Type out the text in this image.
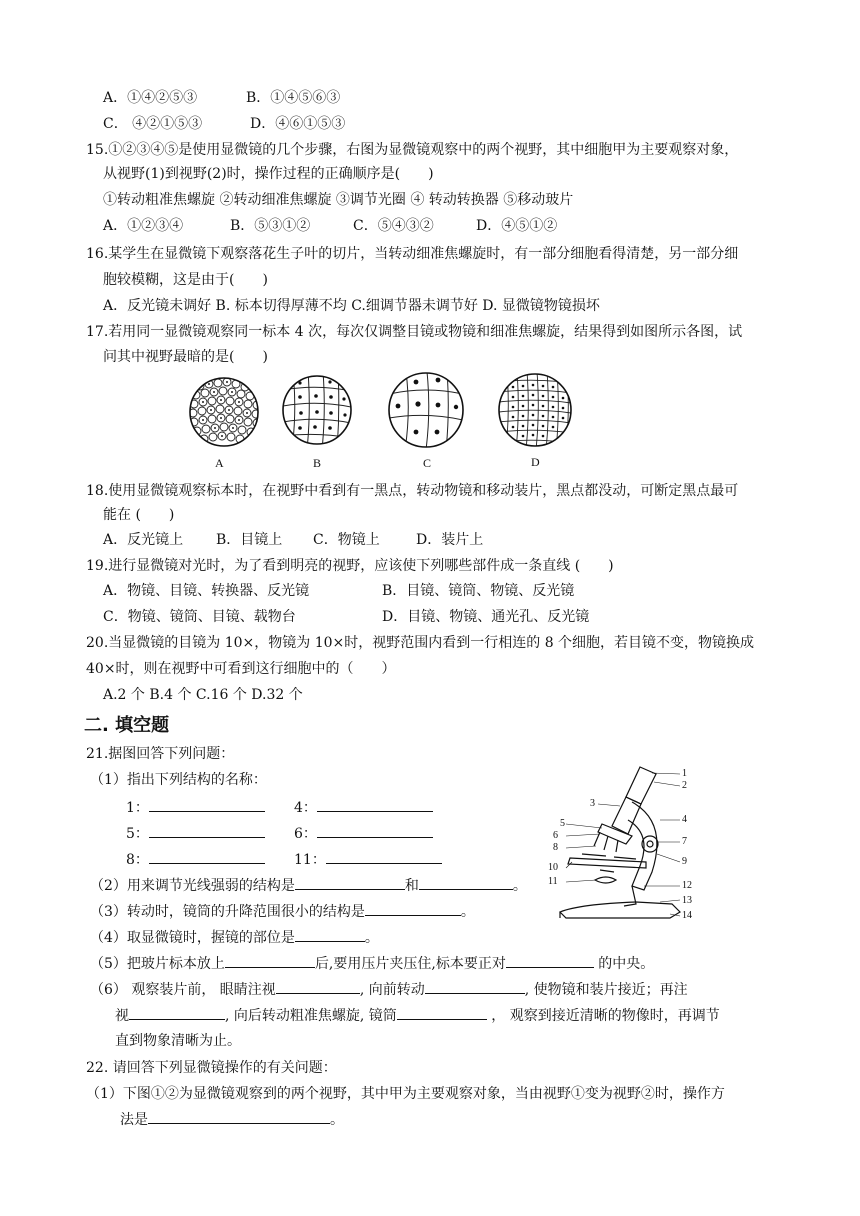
A．①④②⑤③	B．①④⑤⑥③
C． ④②①⑤③	D．④⑥①⑤③
15.①②③④⑤是使用显微镜的几个步骤，右图为显微镜观察中的两个视野，其中细胞甲为主要观察对象，
从视野(1)到视野(2)时，操作过程的正确顺序是(　　)
①转动粗准焦螺旋 ②转动细准焦螺旋 ③调节光圈 ④ 转动转换器 ⑤移动玻片
A．①②③④	B．⑤③①②	C．⑤④③②	D．④⑤①②
16.某学生在显微镜下观察落花生子叶的切片，当转动细准焦螺旋时，有一部分细胞看得清楚，另一部分细
胞较模糊，这是由于(　　)
A．反光镜未调好 B. 标本切得厚薄不均 C.细调节器未调节好 D. 显微镜物镜损坏
17.若用同一显微镜观察同一标本 4 次，每次仅调整目镜或物镜和细准焦螺旋，结果得到如图所示各图，试
问其中视野最暗的是(　　)
A	B	C	D
18.使用显微镜观察标本时，在视野中看到有一黑点，转动物镜和移动装片，黑点都没动，可断定黑点最可
能在 (　　)
A．反光镜上 B．目镜上 C．物镜上	D．装片上
19.进行显微镜对光时，为了看到明亮的视野，应该使下列哪些部件成一条直线 (　　)
A．物镜、目镜、转换器、反光镜	B．目镜、镜筒、物镜、反光镜
C．物镜、镜筒、目镜、载物台	D．目镜、物镜、通光孔、反光镜
20.当显微镜的目镜为 10×，物镜为 10×时，视野范围内看到一行相连的 8 个细胞，若目镜不变，物镜换成
40×时，则在视野中可看到这行细胞中的（　　）
A.2 个 B.4 个 C.16 个 D.32 个
二. 填空题
21.据图回答下列问题：
（1）指出下列结构的名称：
1：	4：
5：	6：
8：	11：
（2）用来调节光线强弱的结构是	和	。
（3）转动时，镜筒的升降范围很小的结构是	。
（4）取显微镜时，握镜的部位是	。
（5）把玻片标本放上	后,要用压片夹压住,标本要正对	的中央。
（6） 观察装片前， 眼睛注视	, 向前转动	, 使物镜和装片接近；再注
视	, 向后转动粗准焦螺旋, 镜筒	， 观察到接近清晰的物像时，再调节
直到物象清晰为止。
1
2
3
4
5
6
7
8
9
10
11	12
13
14
22. 请回答下列显微镜操作的有关问题：
（1）下图①②为显微镜观察到的两个视野，其中甲为主要观察对象，当由视野①变为视野②时，操作方
法是	。
